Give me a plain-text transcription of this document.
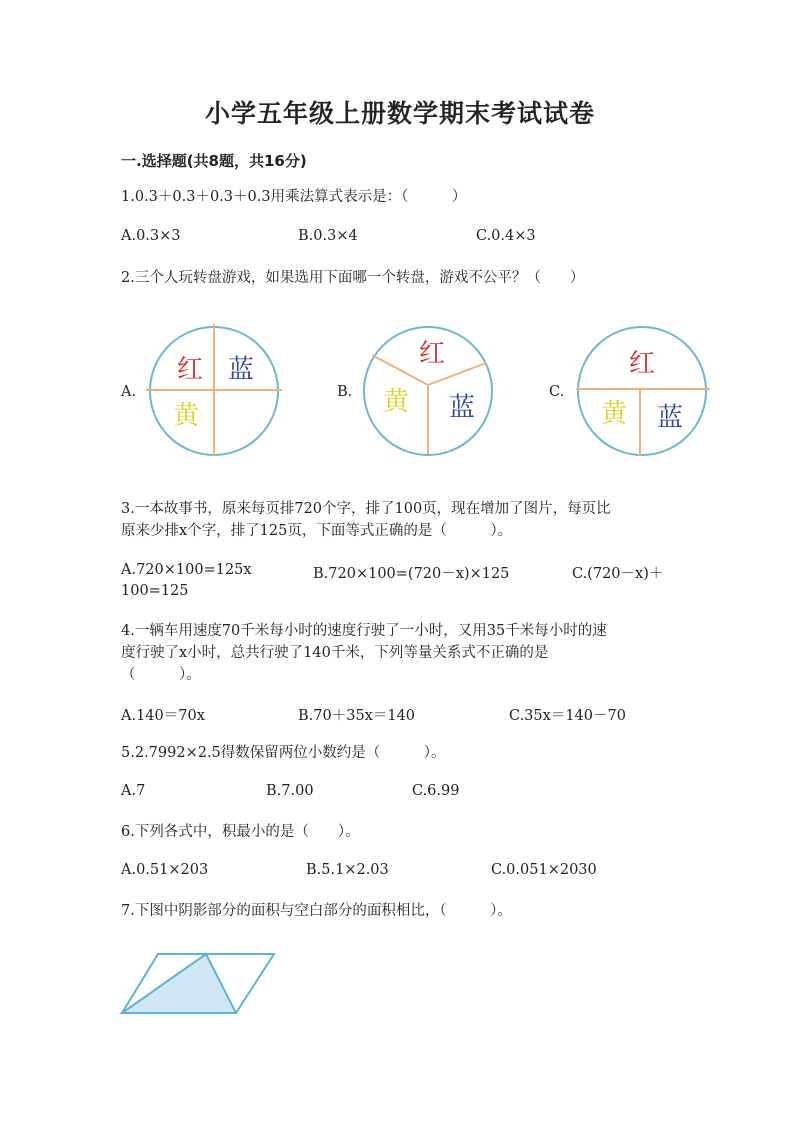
小学五年级上册数学期末考试试卷
一.选择题(共8题，共16分)
1.0.3＋0.3＋0.3＋0.3用乘法算式表示是：（　　　）
A.0.3×3	B.0.3×4	C.0.4×3
2.三个人玩转盘游戏，如果选用下面哪一个转盘，游戏不公平？（　　）
A.
红 蓝
黄
B.
红
黄 蓝
C.
红
黄 蓝
3.一本故事书，原来每页排720个字，排了100页，现在增加了图片，每页比
原来少排x个字，排了125页，下面等式正确的是（　　　）。
A.720×100=125x	B.720×100=(720－x)×125	C.(720－x)＋
100=125
4.一辆车用速度70千米每小时的速度行驶了一小时，又用35千米每小时的速
度行驶了x小时，总共行驶了140千米，下列等量关系式不正确的是
（　　　）。
A.140＝70x	B.70＋35x＝140	C.35x＝140－70
5.2.7992×2.5得数保留两位小数约是（　　　）。
A.7	B.7.00	C.6.99
6.下列各式中，积最小的是（　　）。
A.0.51×203	B.5.1×2.03	C.0.051×2030
7.下图中阴影部分的面积与空白部分的面积相比，（　　　）。
